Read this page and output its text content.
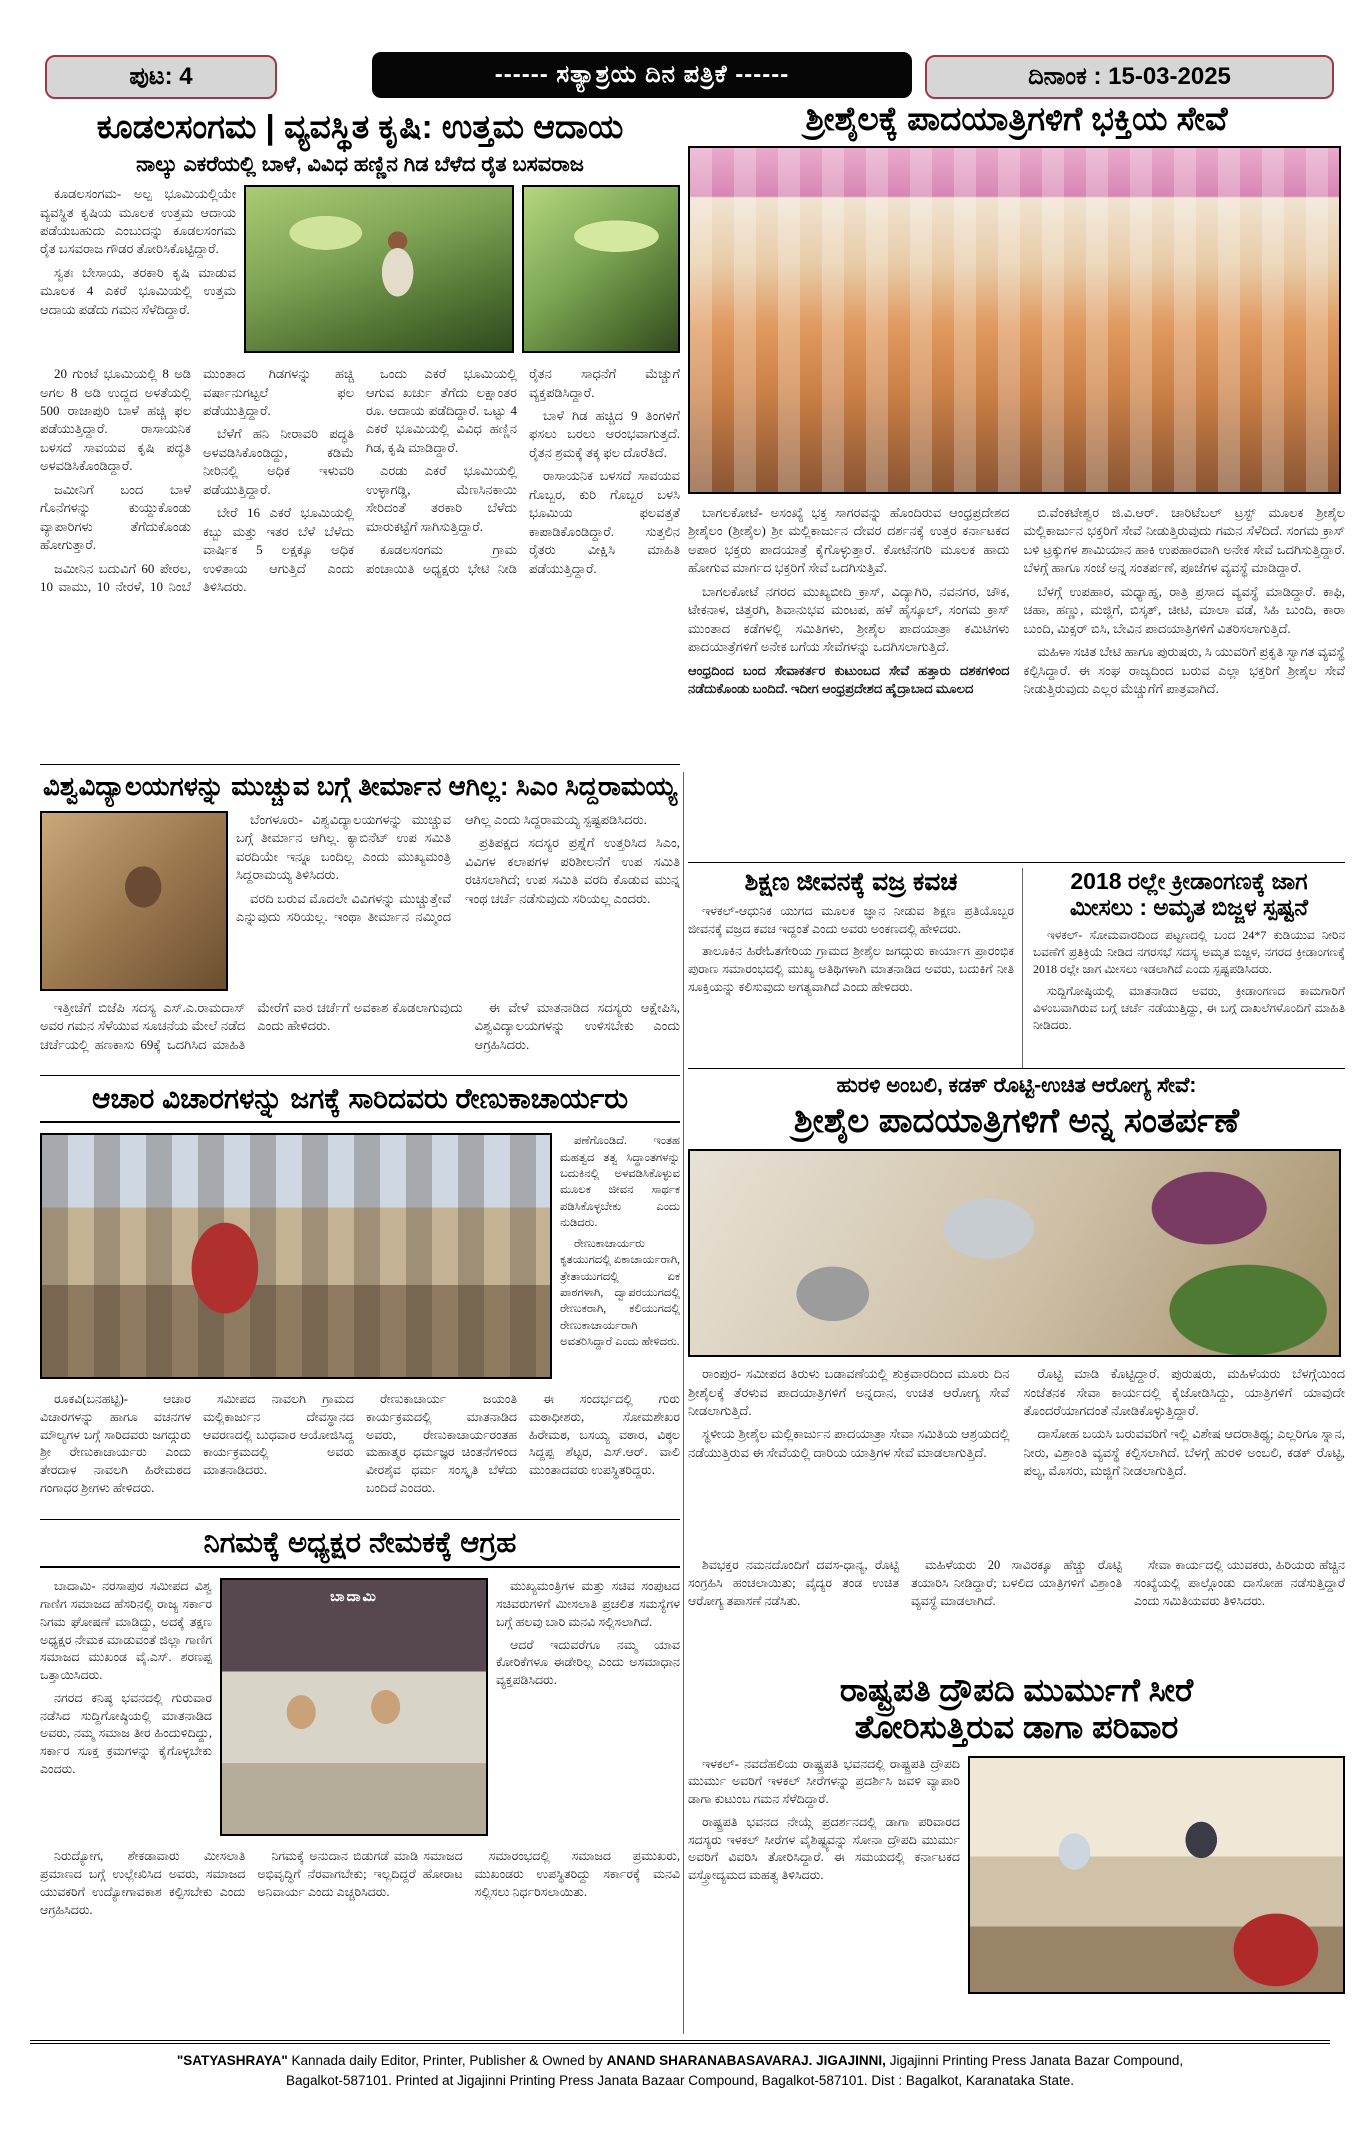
ಪುಟ: 4	------ ಸತ್ಯಾಶ್ರಯ ದಿನ ಪತ್ರಿಕೆ ------	ದಿನಾಂಕ : 15-03-2025
ಕೂಡಲಸಂಗಮ | ವ್ಯವಸ್ಥಿತ ಕೃಷಿ: ಉತ್ತಮ ಆದಾಯ
ನಾಲ್ಕು ಎಕರೆಯಲ್ಲಿ ಬಾಳೆ, ವಿವಿಧ ಹಣ್ಣಿನ ಗಿಡ ಬೆಳೆದ ರೈತ ಬಸವರಾಜ

ಕೂಡಲಸಂಗಮ- ಅಲ್ಪ ಭೂಮಿಯಲ್ಲಿಯೇ ವ್ಯವಸ್ಥಿತ ಕೃಷಿಯ ಮೂಲಕ ಉತ್ತಮ ಆದಾಯ ಪಡೆಯಬಹುದು ಎಂಬುದನ್ನು ಕೂಡಲಸಂಗಮ ರೈತ ಬಸವರಾಜ ಗೌಡರ ತೋರಿಸಿಕೊಟ್ಟಿದ್ದಾರೆ.

ಸ್ವತಃ ಬೇಸಾಯ, ತರಕಾರಿ ಕೃಷಿ ಮಾಡುವ ಮೂಲಕ 4 ಎಕರೆ ಭೂಮಿಯಲ್ಲಿ ಉತ್ತಮ ಆದಾಯ ಪಡೆದು ಗಮನ ಸೆಳೆದಿದ್ದಾರೆ.

20 ಗುಂಟೆ ಭೂಮಿಯಲ್ಲಿ 8 ಅಡಿ ಅಗಲ 8 ಅಡಿ ಉದ್ದದ ಅಳತೆಯಲ್ಲಿ 500 ರಾಜಾಪುರಿ ಬಾಳೆ ಹಚ್ಚಿ ಫಲ ಪಡೆಯುತ್ತಿದ್ದಾರೆ. ರಾಸಾಯನಿಕ ಬಳಸದೆ ಸಾವಯವ ಕೃಷಿ ಪದ್ಧತಿ ಅಳವಡಿಸಿಕೊಂಡಿದ್ದಾರೆ.

ಜಮೀನಿಗೆ ಬಂದ ಬಾಳೆ ಗೊನೆಗಳನ್ನು ಕುಯ್ದುಕೊಂಡು ವ್ಯಾಪಾರಿಗಳು ತೆಗೆದುಕೊಂಡು ಹೋಗುತ್ತಾರೆ.

ಜಮೀನಿನ ಬದುವಿಗೆ 60 ಪೇರಲ, 10 ವಾಮು, 10 ನೇರಳೆ, 10 ನಿಂಬೆ ಮುಂತಾದ ಗಿಡಗಳನ್ನು ಹಚ್ಚಿ ವರ್ಷಾನುಗಟ್ಟಲೆ ಫಲ ಪಡೆಯುತ್ತಿದ್ದಾರೆ.

ಬೆಳೆಗೆ ಹನಿ ನೀರಾವರಿ ಪದ್ಧತಿ ಅಳವಡಿಸಿಕೊಂಡಿದ್ದು, ಕಡಿಮೆ ನೀರಿನಲ್ಲಿ ಅಧಿಕ ಇಳುವರಿ ಪಡೆಯುತ್ತಿದ್ದಾರೆ.

ಬೇರೆ 16 ಎಕರೆ ಭೂಮಿಯಲ್ಲಿ ಕಬ್ಬು ಮತ್ತು ಇತರ ಬೆಳೆ ಬೆಳೆದು ವಾರ್ಷಿಕ 5 ಲಕ್ಷಕ್ಕೂ ಅಧಿಕ ಉಳಿತಾಯ ಆಗುತ್ತಿದೆ ಎಂದು ತಿಳಿಸಿದರು.

ಒಂದು ಎಕರೆ ಭೂಮಿಯಲ್ಲಿ ಆಗುವ ಖರ್ಚು ತೆಗೆದು ಲಕ್ಷಾಂತರ ರೂ. ಆದಾಯ ಪಡೆದಿದ್ದಾರೆ. ಒಟ್ಟು 4 ಎಕರೆ ಭೂಮಿಯಲ್ಲಿ ವಿವಿಧ ಹಣ್ಣಿನ ಗಿಡ, ಕೃಷಿ ಮಾಡಿದ್ದಾರೆ.

ಎರಡು ಎಕರೆ ಭೂಮಿಯಲ್ಲಿ ಉಳ್ಳಾಗಡ್ಡಿ, ಮೆಣಸಿನಕಾಯಿ ಸೇರಿದಂತೆ ತರಕಾರಿ ಬೆಳೆದು ಮಾರುಕಟ್ಟೆಗೆ ಸಾಗಿಸುತ್ತಿದ್ದಾರೆ.

ಕೂಡಲಸಂಗಮ ಗ್ರಾಮ ಪಂಚಾಯಿತಿ ಅಧ್ಯಕ್ಷರು ಭೇಟಿ ನೀಡಿ ರೈತನ ಸಾಧನೆಗೆ ಮೆಚ್ಚುಗೆ ವ್ಯಕ್ತಪಡಿಸಿದ್ದಾರೆ.

ಬಾಳೆ ಗಿಡ ಹಚ್ಚಿದ 9 ತಿಂಗಳಿಗೆ ಫಸಲು ಬರಲು ಆರಂಭವಾಗುತ್ತದೆ. ರೈತನ ಶ್ರಮಕ್ಕೆ ತಕ್ಕ ಫಲ ದೊರೆತಿದೆ.

ರಾಸಾಯನಿಕ ಬಳಸದೆ ಸಾವಯವ ಗೊಬ್ಬರ, ಕುರಿ ಗೊಬ್ಬರ ಬಳಸಿ ಭೂಮಿಯ ಫಲವತ್ತತೆ ಕಾಪಾಡಿಕೊಂಡಿದ್ದಾರೆ. ಸುತ್ತಲಿನ ರೈತರು ವೀಕ್ಷಿಸಿ ಮಾಹಿತಿ ಪಡೆಯುತ್ತಿದ್ದಾರೆ.

ವಿಶ್ವವಿದ್ಯಾಲಯಗಳನ್ನು ಮುಚ್ಚುವ ಬಗ್ಗೆ ತೀರ್ಮಾನ ಆಗಿಲ್ಲ: ಸಿಎಂ ಸಿದ್ದರಾಮಯ್ಯ

ಬೆಂಗಳೂರು- ವಿಶ್ವವಿದ್ಯಾಲಯಗಳನ್ನು ಮುಚ್ಚುವ ಬಗ್ಗೆ ತೀರ್ಮಾನ ಆಗಿಲ್ಲ. ಕ್ಯಾಬಿನೆಟ್ ಉಪ ಸಮಿತಿ ವರದಿಯೇ ಇನ್ನೂ ಬಂದಿಲ್ಲ ಎಂದು ಮುಖ್ಯಮಂತ್ರಿ ಸಿದ್ದರಾಮಯ್ಯ ತಿಳಿಸಿದರು.

ವರದಿ ಬರುವ ಮೊದಲೇ ವಿವಿಗಳನ್ನು ಮುಚ್ಚುತ್ತೇವೆ ಎನ್ನುವುದು ಸರಿಯಲ್ಲ. ಇಂಥಾ ತೀರ್ಮಾನ ನಮ್ಮಿಂದ ಆಗಿಲ್ಲ ಎಂದು ಸಿದ್ದರಾಮಯ್ಯ ಸ್ಪಷ್ಟಪಡಿಸಿದರು.

ಪ್ರತಿಪಕ್ಷದ ಸದಸ್ಯರ ಪ್ರಶ್ನೆಗೆ ಉತ್ತರಿಸಿದ ಸಿಎಂ, ವಿವಿಗಳ ಕಲಾಪಗಳ ಪರಿಶೀಲನೆಗೆ ಉಪ ಸಮಿತಿ ರಚಿಸಲಾಗಿದೆ; ಉಪ ಸಮಿತಿ ವರದಿ ಕೊಡುವ ಮುನ್ನ ಇಂಥ ಚರ್ಚೆ ನಡೆಸುವುದು ಸರಿಯಲ್ಲ ಎಂದರು.

ಇತ್ತೀಚೆಗೆ ಬಿಜೆಪಿ ಸದಸ್ಯ ಎಸ್.ಎ.ರಾಮದಾಸ್ ಅವರ ಗಮನ ಸೆಳೆಯುವ ಸೂಚನೆಯ ಮೇಲೆ ನಡೆದ ಚರ್ಚೆಯಲ್ಲಿ ಹಣಕಾಸು 69ಕ್ಕೆ ಒದಗಿಸಿದ ಮಾಹಿತಿ ಮೇರೆಗೆ ವಾರ ಚರ್ಚೆಗೆ ಅವಕಾಶ ಕೊಡಲಾಗುವುದು ಎಂದು ಹೇಳಿದರು.

ಈ ವೇಳೆ ಮಾತನಾಡಿದ ಸದಸ್ಯರು ಆಕ್ಷೇಪಿಸಿ, ವಿಶ್ವವಿದ್ಯಾಲಯಗಳನ್ನು ಉಳಿಸಬೇಕು ಎಂದು ಆಗ್ರಹಿಸಿದರು.

ಆಚಾರ ವಿಚಾರಗಳನ್ನು ಜಗಕ್ಕೆ ಸಾರಿದವರು ರೇಣುಕಾಚಾರ್ಯರು

ಪಣೆಗೊಂಡಿದೆ. ಇಂತಹ ಮಹತ್ವದ ತತ್ವ ಸಿದ್ಧಾಂತಗಳನ್ನು ಬದುಕಿನಲ್ಲಿ ಅಳವಡಿಸಿಕೊಳ್ಳುವ ಮೂಲಕ ಜೀವನ ಸಾರ್ಥಕ ಪಡಿಸಿಕೊಳ್ಳಬೇಕು ಎಂದು ನುಡಿದರು.

ರೇಣುಕಾಚಾರ್ಯರು ಕೃತಯುಗದಲ್ಲಿ ಏಕಾಚಾರ್ಯರಾಗಿ, ತ್ರೇತಾಯುಗದಲ್ಲಿ ಏಕ ಪಾಠಗಳಾಗಿ, ದ್ವಾಪರಯುಗದಲ್ಲಿ ರೇಣುಕರಾಗಿ, ಕಲಿಯುಗದಲ್ಲಿ ರೇಣುಕಾಚಾರ್ಯರಾಗಿ ಅವತರಿಸಿದ್ದಾರೆ ಎಂದು ಹೇಳಿದರು.

ರೂಕವಿ(ಬನಹಟ್ಟಿ)- ಆಚಾರ ವಿಚಾರಗಳನ್ನು ಹಾಗೂ ವಚನಗಳ ಮೌಲ್ಯಗಳ ಬಗ್ಗೆ ಸಾರಿದವರು ಜಗದ್ಗುರು ಶ್ರೀ ರೇಣುಕಾಚಾರ್ಯರು ಎಂದು ತೇರದಾಳ ನಾವಲಗಿ ಹಿರೇಮಠದ ಗಂಗಾಧರ ಶ್ರೀಗಳು ಹೇಳಿದರು.

ಸಮೀಪದ ನಾವಲಗಿ ಗ್ರಾಮದ ಮಲ್ಲಿಕಾರ್ಜುನ ದೇವಸ್ಥಾನದ ಆವರಣದಲ್ಲಿ ಬುಧವಾರ ಆಯೋಜಿಸಿದ್ದ ಕಾರ್ಯಕ್ರಮದಲ್ಲಿ ಅವರು ಮಾತನಾಡಿದರು.

ರೇಣುಕಾಚಾರ್ಯ ಜಯಂತಿ ಕಾರ್ಯಕ್ರಮದಲ್ಲಿ ಮಾತನಾಡಿದ ಅವರು, ರೇಣುಕಾಚಾರ್ಯರಂತಹ ಮಹಾತ್ಮರ ಧರ್ಮಜ್ಞರ ಚಿಂತನೆಗಳಿಂದ ವೀರಶೈವ ಧರ್ಮ ಸಂಸ್ಕೃತಿ ಬೆಳೆದು ಬಂದಿದೆ ಎಂದರು.

ಈ ಸಂದರ್ಭದಲ್ಲಿ ಗುರು ಮಠಾಧೀಶರು, ಸೋಮಶೇಖರ ಹಿರೇಮಠ, ಬಸಯ್ಯ ವಠಾರ, ವಿಠ್ಠಲ ಸಿದ್ದಪ್ಪ ಶೆಟ್ಟರ, ಎಸ್.ಆರ್. ವಾಲಿ ಮುಂತಾದವರು ಉಪಸ್ಥಿತರಿದ್ದರು.

ನಿಗಮಕ್ಕೆ ಅಧ್ಯಕ್ಷರ ನೇಮಕಕ್ಕೆ ಆಗ್ರಹ

ಬಾದಾಮಿ- ನರಸಾಪುರ ಸಮೀಪದ ವಿಶ್ವ ಗಾಣಿಗ ಸಮಾಜದ ಹೆಸರಿನಲ್ಲಿ ರಾಜ್ಯ ಸರ್ಕಾರ ನಿಗಮ ಘೋಷಣೆ ಮಾಡಿದ್ದು, ಅದಕ್ಕೆ ತಕ್ಷಣ ಅಧ್ಯಕ್ಷರ ನೇಮಕ ಮಾಡುವಂತೆ ಜಿಲ್ಲಾ ಗಾಣಿಗ ಸಮಾಜದ ಮುಖಂಡ ವೈ.ಎಸ್. ಶರಣಪ್ಪ ಒತ್ತಾಯಿಸಿದರು.

ನಗರದ ಕನಿಷ್ಠ ಭವನದಲ್ಲಿ ಗುರುವಾರ ನಡೆಸಿದ ಸುದ್ದಿಗೋಷ್ಠಿಯಲ್ಲಿ ಮಾತನಾಡಿದ ಅವರು, ನಮ್ಮ ಸಮಾಜ ತೀರ ಹಿಂದುಳಿದಿದ್ದು, ಸರ್ಕಾರ ಸೂಕ್ತ ಕ್ರಮಗಳನ್ನು ಕೈಗೊಳ್ಳಬೇಕು ಎಂದರು.

ಬಾದಾಮಿ

ಮುಖ್ಯಮಂತ್ರಿಗಳ ಮತ್ತು ಸಚಿವ ಸಂಪುಟದ ಸಚಿವರುಗಳಿಗೆ ಮೀಸಲಾತಿ ಪ್ರಚಲಿತ ಸಮಸ್ಯೆಗಳ ಬಗ್ಗೆ ಹಲವು ಬಾರಿ ಮನವಿ ಸಲ್ಲಿಸಲಾಗಿದೆ.

ಆದರೆ ಇದುವರೆಗೂ ನಮ್ಮ ಯಾವ ಕೋರಿಕೆಗಳೂ ಈಡೇರಿಲ್ಲ ಎಂದು ಅಸಮಾಧಾನ ವ್ಯಕ್ತಪಡಿಸಿದರು.

ನಿರುದ್ಯೋಗ, ಶೇಕಡಾವಾರು ಮೀಸಲಾತಿ ಪ್ರಮಾಣದ ಬಗ್ಗೆ ಉಲ್ಲೇಖಿಸಿದ ಅವರು, ಸಮಾಜದ ಯುವಕರಿಗೆ ಉದ್ಯೋಗಾವಕಾಶ ಕಲ್ಪಿಸಬೇಕು ಎಂದು ಆಗ್ರಹಿಸಿದರು.

ನಿಗಮಕ್ಕೆ ಅನುದಾನ ಬಿಡುಗಡೆ ಮಾಡಿ ಸಮಾಜದ ಅಭಿವೃದ್ಧಿಗೆ ನೆರವಾಗಬೇಕು; ಇಲ್ಲದಿದ್ದರೆ ಹೋರಾಟ ಅನಿವಾರ್ಯ ಎಂದು ಎಚ್ಚರಿಸಿದರು.

ಸಮಾರಂಭದಲ್ಲಿ ಸಮಾಜದ ಪ್ರಮುಖರು, ಮುಖಂಡರು ಉಪಸ್ಥಿತರಿದ್ದು ಸರ್ಕಾರಕ್ಕೆ ಮನವಿ ಸಲ್ಲಿಸಲು ನಿರ್ಧರಿಸಲಾಯಿತು.

ಶ್ರೀಶೈಲಕ್ಕೆ ಪಾದಯಾತ್ರಿಗಳಿಗೆ ಭಕ್ತಿಯ ಸೇವೆ

ಬಾಗಲಕೋಟೆ- ಅಸಂಖ್ಯೆ ಭಕ್ತ ಸಾಗರವನ್ನು ಹೊಂದಿರುವ ಆಂಧ್ರಪ್ರದೇಶದ ಶ್ರೀಶೈಲಂ (ಶ್ರೀಶೈಲ) ಶ್ರೀ ಮಲ್ಲಿಕಾರ್ಜುನ ದೇವರ ದರ್ಶನಕ್ಕೆ ಉತ್ತರ ಕರ್ನಾಟಕದ ಅಪಾರ ಭಕ್ತರು ಪಾದಯಾತ್ರೆ ಕೈಗೊಳ್ಳುತ್ತಾರೆ. ಕೋಟೆನಗರಿ ಮೂಲಕ ಹಾದು ಹೋಗುವ ಮಾರ್ಗದ ಭಕ್ತರಿಗೆ ಸೇವೆ ಒದಗಿಸುತ್ತಿವೆ.

ಬಾಗಲಕೋಟೆ ನಗರದ ಮುಖ್ಯಬೀದಿ ಕ್ರಾಸ್, ವಿದ್ಯಾಗಿರಿ, ನವನಗರ, ಚೌಕ, ಟೇಕನಾಳ, ಚಿತ್ತರಗಿ, ಶಿವಾನುಭವ ಮಂಟಪ, ಹಳೆ ಹೈಸ್ಕೂಲ್, ಸಂಗಮ ಕ್ರಾಸ್ ಮುಂತಾದ ಕಡೆಗಳಲ್ಲಿ ಸಮಿತಿಗಳು, ಶ್ರೀಶೈಲ ಪಾದಯಾತ್ರಾ ಕಮಿಟಿಗಳು ಪಾದಯಾತ್ರೆಗಳಿಗೆ ಅನೇಕ ಬಗೆಯ ಸೇವೆಗಳನ್ನು ಒದಗಿಸಲಾಗುತ್ತಿದೆ.

ಆಂಧ್ರದಿಂದ ಬಂದ ಸೇವಾಕರ್ತರ ಕುಟುಂಬದ ಸೇವೆ ಹತ್ತಾರು ದಶಕಗಳಿಂದ ನಡೆದುಕೊಂಡು ಬಂದಿದೆ. ಇದೀಗ ಆಂಧ್ರಪ್ರದೇಶದ ಹೈದ್ರಾಬಾದ ಮೂಲದ

ಬಿ.ವೆಂಕಟೇಶ್ವರ ಜಿ.ವಿ.ಆರ್. ಚಾರಿಟೆಬಲ್ ಟ್ರಸ್ಟ್ ಮೂಲಕ ಶ್ರೀಶೈಲ ಮಲ್ಲಿಕಾರ್ಜುನ ಭಕ್ತರಿಗೆ ಸೇವೆ ನೀಡುತ್ತಿರುವುದು ಗಮನ ಸೆಳೆದಿದೆ. ಸಂಗಮ ಕ್ರಾಸ್ ಬಳಿ ಟ್ರಕ್ಕುಗಳ ಶಾಮಿಯಾನ ಹಾಕಿ ಉಪಹಾರವಾಗಿ ಅನೇಕ ಸೇವೆ ಒದಗಿಸುತ್ತಿದ್ದಾರೆ. ಬೆಳಗ್ಗೆ ಹಾಗೂ ಸಂಜೆ ಅನ್ನ ಸಂತರ್ಪಣೆ, ಪೂಜೆಗಳ ವ್ಯವಸ್ಥೆ ಮಾಡಿದ್ದಾರೆ.

ಬೆಳಗ್ಗೆ ಉಪಹಾರ, ಮಧ್ಯಾಹ್ನ, ರಾತ್ರಿ ಪ್ರಸಾದ ವ್ಯವಸ್ಥೆ ಮಾಡಿದ್ದಾರೆ. ಕಾಫಿ, ಚಹಾ, ಹಣ್ಣು, ಮಜ್ಜಿಗೆ, ಬಿಸ್ಕತ್, ಚೀಟಿ, ಮಾಲಾ ವಡೆ, ಸಿಹಿ ಬುಂದಿ, ಕಾರಾ ಬುಂದಿ, ಮಿಕ್ಸರ್ ಬಿಸಿ, ಬೇವಿನ ಪಾದಯಾತ್ರಿಗಳಿಗೆ ವಿತರಿಸಲಾಗುತ್ತಿದೆ.

ಮಹಿಳಾ ಸಚಿತ ಬೇಟಿ ಹಾಗೂ ಪುರುಷರು, ಸಿ ಯುವರಿಗೆ ಪ್ರಕೃತಿ ಸ್ವಾಗತ ವ್ಯವಸ್ಥೆ ಕಲ್ಪಿಸಿದ್ದಾರೆ. ಈ ಸಂಘ ರಾಜ್ಯದಿಂದ ಬರುವ ಎಲ್ಲಾ ಭಕ್ತರಿಗೆ ಶ್ರೀಶೈಲ ಸೇವೆ ನೀಡುತ್ತಿರುವುದು ಎಲ್ಲರ ಮೆಚ್ಚುಗೆಗೆ ಪಾತ್ರವಾಗಿದೆ.

ಶಿಕ್ಷಣ ಜೀವನಕ್ಕೆ ವಜ್ರ ಕವಚ

ಇಳಕಲ್-ಆಧುನಿಕ ಯುಗದ ಮೂಲಕ ಜ್ಞಾನ ನೀಡುವ ಶಿಕ್ಷಣ ಪ್ರತಿಯೊಬ್ಬರ ಜೀವನಕ್ಕೆ ವಜ್ರದ ಕವಚ ಇದ್ದಂತೆ ಎಂದು ಅವರು ಅಂಕಣದಲ್ಲಿ ಹೇಳಿದರು.

ತಾಲೂಕಿನ ಹಿರೇಓತಗೇರಿಯ ಗ್ರಾಮದ ಶ್ರೀಶೈಲ ಜಗದ್ಗುರು ಕಾರ್ಯಾಗ ಪ್ರಾರಂಭಿಕ ಪುರಾಣ ಸಮಾರಂಭದಲ್ಲಿ ಮುಖ್ಯ ಅತಿಥಿಗಳಾಗಿ ಮಾತನಾಡಿದ ಅವರು, ಬದುಕಿಗೆ ನೀತಿ ಸೂಕ್ತಿಯನ್ನು ಕಲಿಸುವುದು ಅಗತ್ಯವಾಗಿದೆ ಎಂದು ಹೇಳಿದರು.

2018 ರಲ್ಲೇ ಕ್ರೀಡಾಂಗಣಕ್ಕೆ ಜಾಗ
ಮೀಸಲು : ಅಮೃತ ಬಿಜ್ಜಳ ಸ್ಪಷ್ಟನೆ

ಇಳಕಲ್- ಸೋಮವಾರದಿಂದ ಪಟ್ಟಣದಲ್ಲಿ ಬಂದ 24*7 ಕುಡಿಯುವ ನೀರಿನ ಬವಣೆಗೆ ಪ್ರತಿಕ್ರಿಯೆ ನೀಡಿದ ನಗರಸಭೆ ಸದಸ್ಯ ಅಮೃತ ಬಿಜ್ಜಳ, ನಗರದ ಕ್ರೀಡಾಂಗಣಕ್ಕೆ 2018 ರಲ್ಲೇ ಜಾಗ ಮೀಸಲು ಇಡಲಾಗಿದೆ ಎಂದು ಸ್ಪಷ್ಟಪಡಿಸಿದರು.

ಸುದ್ದಿಗೋಷ್ಠಿಯಲ್ಲಿ ಮಾತನಾಡಿದ ಅವರು, ಕ್ರೀಡಾಂಗಣದ ಕಾಮಗಾರಿಗೆ ವಿಳಂಬವಾಗಿರುವ ಬಗ್ಗೆ ಚರ್ಚೆ ನಡೆಯುತ್ತಿದ್ದು, ಈ ಬಗ್ಗೆ ದಾಖಲೆಗಳೊಂದಿಗೆ ಮಾಹಿತಿ ನೀಡಿದರು.

ಹುರಳಿ ಅಂಬಲಿ, ಕಡಕ್ ರೊಟ್ಟಿ-ಉಚಿತ ಆರೋಗ್ಯ ಸೇವೆ:
ಶ್ರೀಶೈಲ ಪಾದಯಾತ್ರಿಗಳಿಗೆ ಅನ್ನ ಸಂತರ್ಪಣೆ

ರಾಂಪುರ- ಸಮೀಪದ ತಿರುಳು ಬಡಾವಣೆಯಲ್ಲಿ ಶುಕ್ರವಾರದಿಂದ ಮೂರು ದಿನ ಶ್ರೀಶೈಲಕ್ಕೆ ತೆರಳುವ ಪಾದಯಾತ್ರಿಗಳಿಗೆ ಅನ್ನದಾನ, ಉಚಿತ ಆರೋಗ್ಯ ಸೇವೆ ನೀಡಲಾಗುತ್ತಿದೆ.

ಸ್ಥಳೀಯ ಶ್ರೀಶೈಲ ಮಲ್ಲಿಕಾರ್ಜುನ ಪಾದಯಾತ್ರಾ ಸೇವಾ ಸಮಿತಿಯ ಆಶ್ರಯದಲ್ಲಿ ನಡೆಯುತ್ತಿರುವ ಈ ಸೇವೆಯಲ್ಲಿ ದಾರಿಯ ಯಾತ್ರಿಗಳ ಸೇವೆ ಮಾಡಲಾಗುತ್ತಿದೆ.

ರೊಟ್ಟಿ ಮಾಡಿ ಕೊಟ್ಟಿದ್ದಾರೆ. ಪುರುಷರು, ಮಹಿಳೆಯರು ಬೆಳಗ್ಗೆಯಿಂದ ಸಂಜೆತನಕ ಸೇವಾ ಕಾರ್ಯದಲ್ಲಿ ಕೈಜೋಡಿಸಿದ್ದು, ಯಾತ್ರಿಗಳಿಗೆ ಯಾವುದೇ ತೊಂದರೆಯಾಗದಂತೆ ನೋಡಿಕೊಳ್ಳುತ್ತಿದ್ದಾರೆ.

ದಾಸೋಹ ಬಯಸಿ ಬರುವವರಿಗೆ ಇಲ್ಲಿ ವಿಶೇಷ ಆದರಾತಿಥ್ಯ; ಎಲ್ಲರಿಗೂ ಸ್ನಾನ, ನೀರು, ವಿಶ್ರಾಂತಿ ವ್ಯವಸ್ಥೆ ಕಲ್ಪಿಸಲಾಗಿದೆ. ಬೆಳಗ್ಗೆ ಹುರಳಿ ಅಂಬಲಿ, ಕಡಕ್ ರೊಟ್ಟಿ, ಪಲ್ಯ, ಮೊಸರು, ಮಜ್ಜಿಗೆ ನೀಡಲಾಗುತ್ತಿದೆ.

ಶಿವಭಕ್ತರ ನಮನದೊಂದಿಗೆ ದವಸ-ಧಾನ್ಯ, ರೊಟ್ಟಿ ಸಂಗ್ರಹಿಸಿ ಹಂಚಲಾಯಿತು; ವೈದ್ಯರ ತಂಡ ಉಚಿತ ಆರೋಗ್ಯ ತಪಾಸಣೆ ನಡೆಸಿತು.

ಮಹಿಳೆಯರು 20 ಸಾವಿರಕ್ಕೂ ಹೆಚ್ಚು ರೊಟ್ಟಿ ತಯಾರಿಸಿ ನೀಡಿದ್ದಾರೆ; ಬಳಲಿದ ಯಾತ್ರಿಗಳಿಗೆ ವಿಶ್ರಾಂತಿ ವ್ಯವಸ್ಥೆ ಮಾಡಲಾಗಿದೆ.

ಸೇವಾ ಕಾರ್ಯದಲ್ಲಿ ಯುವಕರು, ಹಿರಿಯರು ಹೆಚ್ಚಿನ ಸಂಖ್ಯೆಯಲ್ಲಿ ಪಾಲ್ಗೊಂಡು ದಾಸೋಹ ನಡೆಸುತ್ತಿದ್ದಾರೆ ಎಂದು ಸಮಿತಿಯವರು ತಿಳಿಸಿದರು.

ರಾಷ್ಟ್ರಪತಿ ದ್ರೌಪದಿ ಮುರ್ಮುಗೆ ಸೀರೆ
ತೋರಿಸುತ್ತಿರುವ ಡಾಗಾ ಪರಿವಾರ

ಇಳಕಲ್- ನವದೆಹಲಿಯ ರಾಷ್ಟ್ರಪತಿ ಭವನದಲ್ಲಿ ರಾಷ್ಟ್ರಪತಿ ದ್ರೌಪದಿ ಮುರ್ಮು ಅವರಿಗೆ ಇಳಕಲ್ ಸೀರೆಗಳನ್ನು ಪ್ರದರ್ಶಿಸಿ ಜವಳಿ ವ್ಯಾಪಾರಿ ಡಾಗಾ ಕುಟುಂಬ ಗಮನ ಸೆಳೆದಿದ್ದಾರೆ.

ರಾಷ್ಟ್ರಪತಿ ಭವನದ ನೇಯ್ಗೆ ಪ್ರದರ್ಶನದಲ್ಲಿ ಡಾಗಾ ಪರಿವಾರದ ಸದಸ್ಯರು ಇಳಕಲ್ ಸೀರೆಗಳ ವೈಶಿಷ್ಟ್ಯವನ್ನು ಸೋನಾ ದ್ರೌಪದಿ ಮುರ್ಮು ಅವರಿಗೆ ವಿವರಿಸಿ ತೋರಿಸಿದ್ದಾರೆ. ಈ ಸಮಯದಲ್ಲಿ ಕರ್ನಾಟಕದ ವಸ್ತ್ರೋದ್ಯಮದ ಮಹತ್ವ ತಿಳಿಸಿದರು.

"SATYASHRAYA" Kannada daily Editor, Printer, Publisher & Owned by ANAND SHARANABASAVARAJ. JIGAJINNI, Jigajinni Printing Press Janata Bazar Compound,
Bagalkot-587101. Printed at Jigajinni Printing Press Janata Bazaar Compound, Bagalkot-587101. Dist : Bagalkot, Karanataka State.
